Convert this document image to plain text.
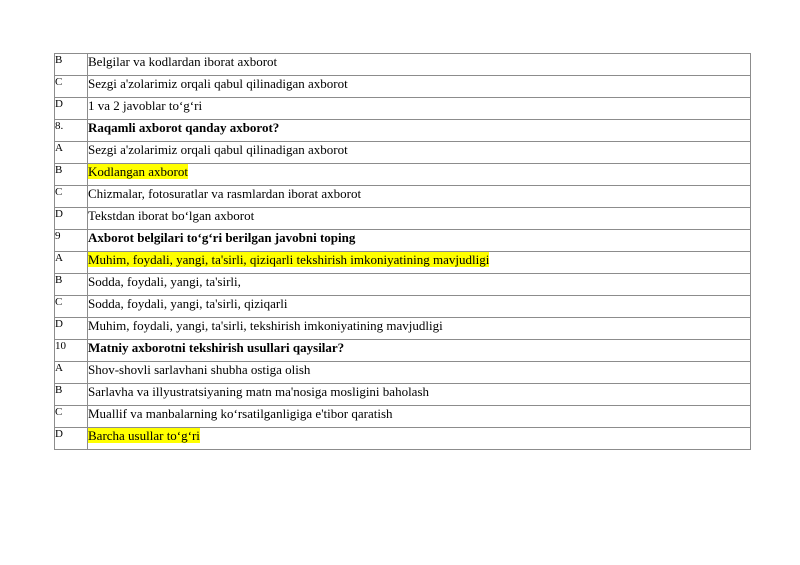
B	Belgilar va kodlardan iborat axborot
C	Sezgi a'zolarimiz orqali qabul qilinadigan axborot
D	1 va 2 javoblar to‘g‘ri
8.	Raqamli axborot qanday axborot?
A	Sezgi a'zolarimiz orqali qabul qilinadigan axborot
B	Kodlangan axborot
C	Chizmalar, fotosuratlar va rasmlardan iborat axborot
D	Tekstdan iborat bo‘lgan axborot
9	Axborot belgilari to‘g‘ri berilgan javobni toping
A	Muhim, foydali, yangi, ta'sirli, qiziqarli tekshirish imkoniyatining mavjudligi
B	Sodda, foydali, yangi, ta'sirli,
C	Sodda, foydali, yangi, ta'sirli, qiziqarli
D	Muhim, foydali, yangi, ta'sirli, tekshirish imkoniyatining mavjudligi
10	Matniy axborotni tekshirish usullari qaysilar?
A	Shov-shovli sarlavhani shubha ostiga olish
B	Sarlavha va illyustratsiyaning matn ma'nosiga mosligini baholash
C	Muallif va manbalarning ko‘rsatilganligiga e'tibor qaratish
D	Barcha usullar to‘g‘ri
